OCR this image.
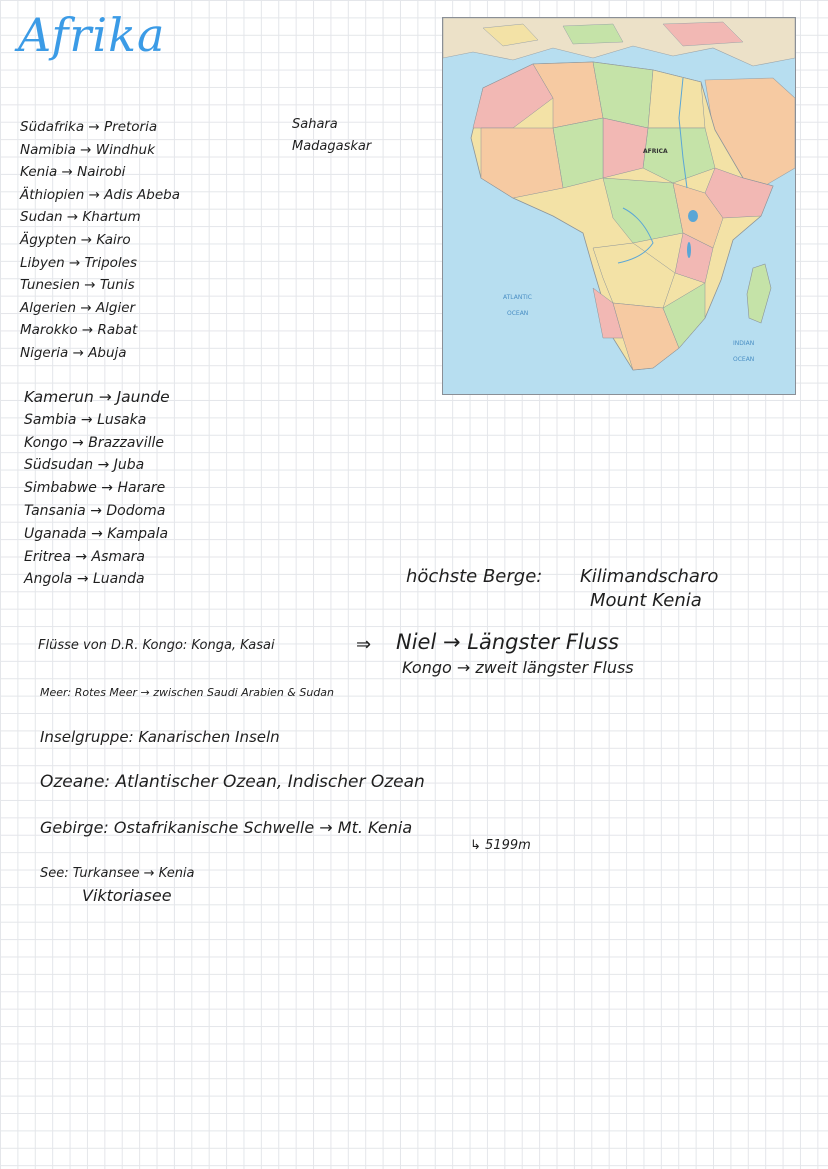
Afrika
Südafrika → Pretoria
Namibia → Windhuk
Kenia → Nairobi
Äthiopien → Adis Abeba
Sudan → Khartum
Ägypten → Kairo
Libyen → Tripoles
Tunesien → Tunis
Algerien → Algier
Marokko → Rabat
Nigeria → Abuja
Sahara
Madagaskar
Kamerun → Jaunde
Sambia → Lusaka
Kongo → Brazzaville
Südsudan → Juba
Simbabwe → Harare
Tansania → Dodoma
Uganada → Kampala
Eritrea → Asmara
Angola → Luanda
AFRICA
ATLANTIC
OCEAN
INDIAN
OCEAN
höchste Berge: Kilimandscharo
Mount Kenia
Flüsse von D.R. Kongo: Konga, Kasai	⇒ Niel → Längster Fluss
Kongo → zweit längster Fluss
Meer: Rotes Meer → zwischen Saudi Arabien & Sudan
Inselgruppe: Kanarischen Inseln
Ozeane: Atlantischer Ozean, Indischer Ozean
Gebirge: Ostafrikanische Schwelle → Mt. Kenia
↳ 5199m
See: Turkansee → Kenia
Viktoriasee
